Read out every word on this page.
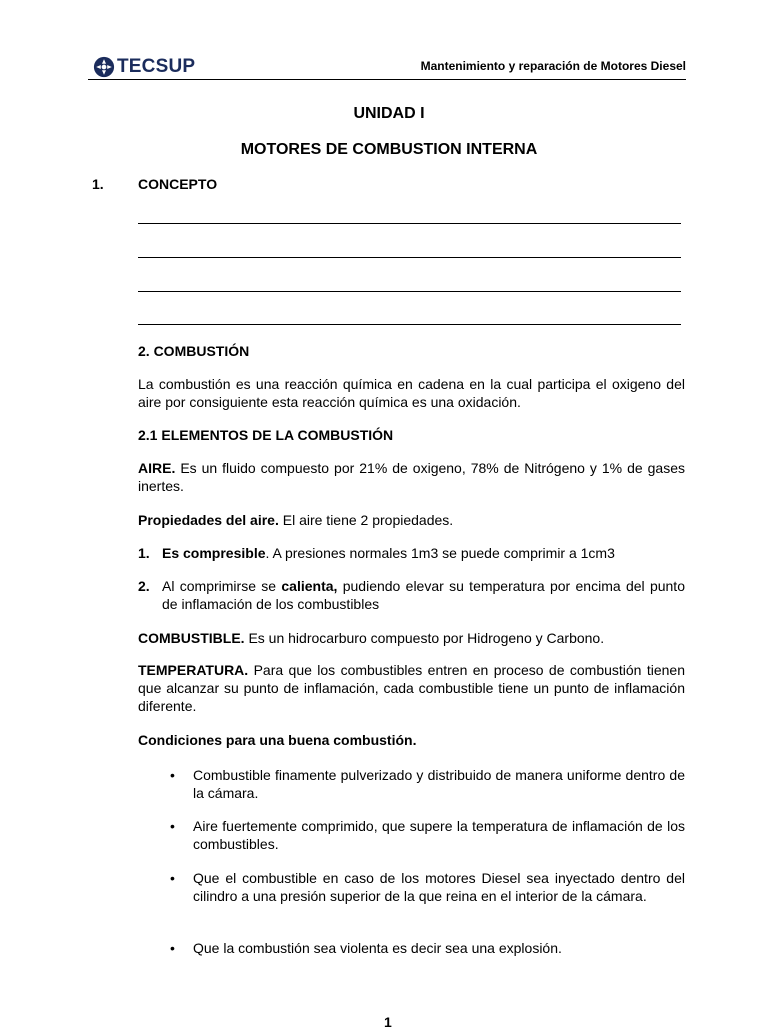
TECSUP	Mantenimiento y reparación de Motores Diesel
UNIDAD I
MOTORES DE COMBUSTION INTERNA
1. CONCEPTO
2. COMBUSTIÓN
La combustión es una reacción química en cadena en la cual participa el oxigeno del aire por consiguiente esta reacción química es una oxidación.
2.1 ELEMENTOS DE LA COMBUSTIÓN
AIRE. Es un fluido compuesto por 21% de oxigeno, 78% de Nitrógeno y 1% de gases inertes.
Propiedades del aire. El aire tiene 2 propiedades.
1. Es compresible. A presiones normales 1m3 se puede comprimir a 1cm3
2. Al comprimirse se calienta, pudiendo elevar su temperatura por encima del punto de inflamación de los combustibles
COMBUSTIBLE. Es un hidrocarburo compuesto por Hidrogeno y Carbono.
TEMPERATURA. Para que los combustibles entren en proceso de combustión tienen que alcanzar su punto de inflamación, cada combustible tiene un punto de inflamación diferente.
Condiciones para una buena combustión.
• Combustible finamente pulverizado y distribuido de manera uniforme dentro de la cámara.
• Aire fuertemente comprimido, que supere la temperatura de inflamación de los combustibles.
• Que el combustible en caso de los motores Diesel sea inyectado dentro del cilindro a una presión superior de la que reina en el interior de la cámara.
• Que la combustión sea violenta es decir sea una explosión.
1
